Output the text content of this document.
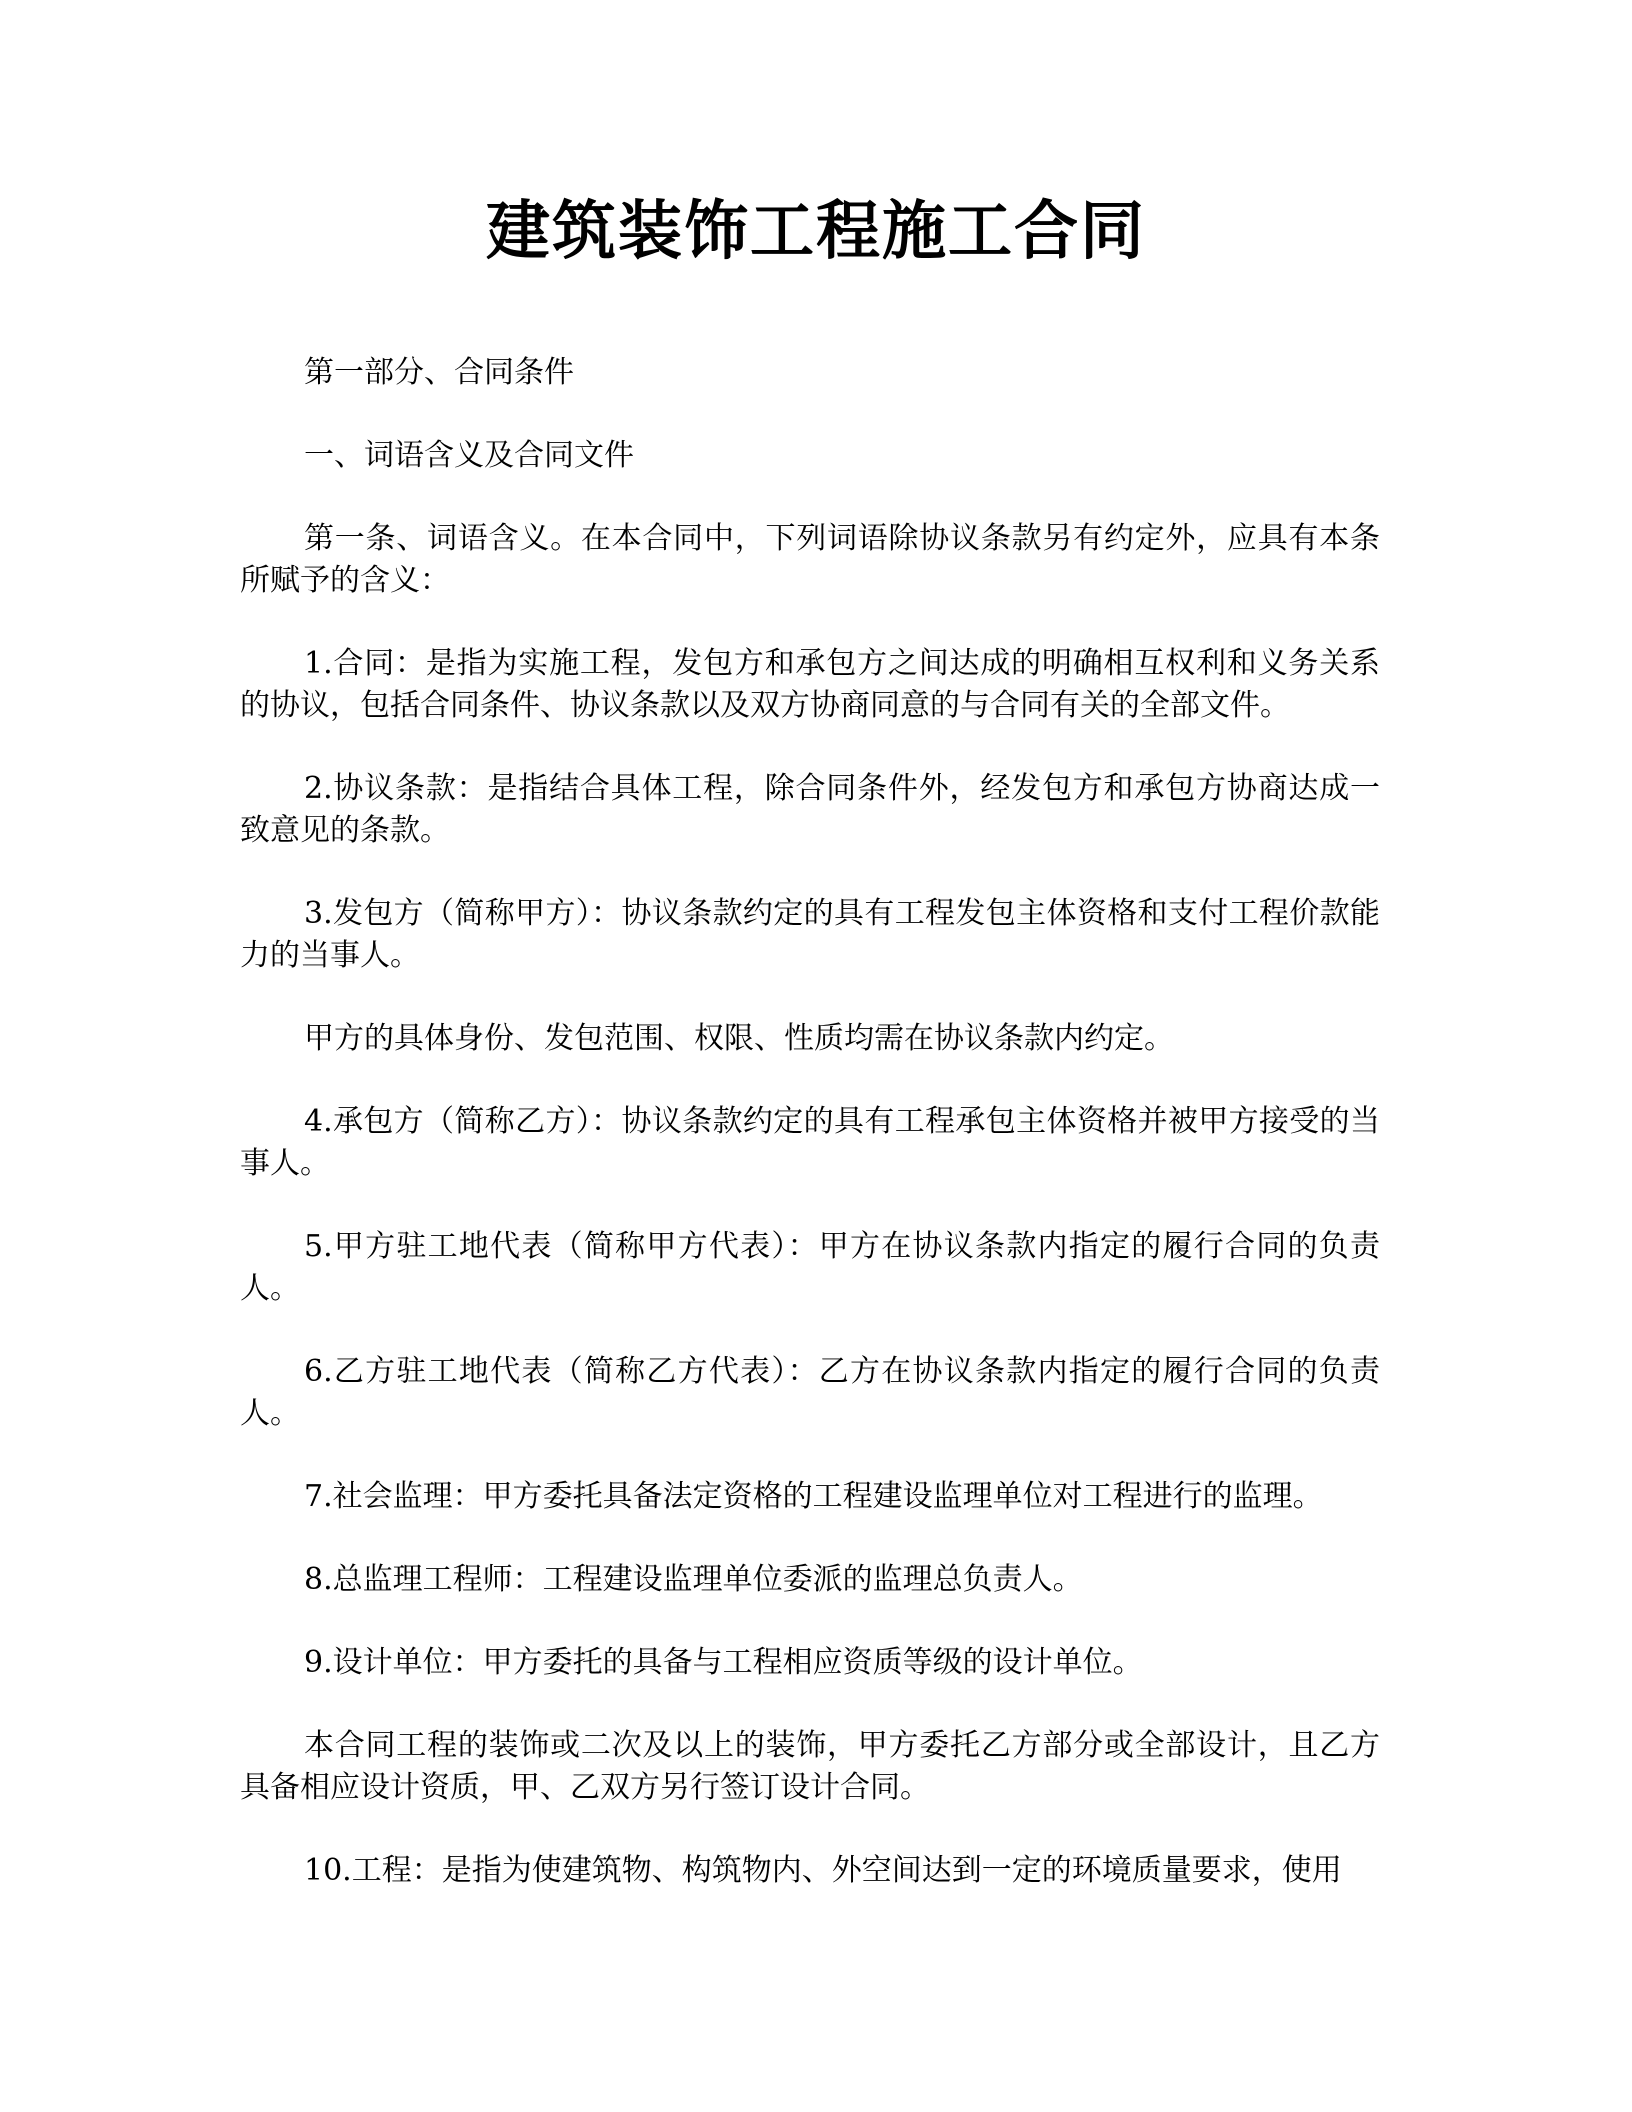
建筑装饰工程施工合同

第一部分、合同条件

一、词语含义及合同文件

第一条、词语含义。在本合同中，下列词语除协议条款另有约定外，应具有本条所赋予的含义：

1.合同：是指为实施工程，发包方和承包方之间达成的明确相互权利和义务关系的协议，包括合同条件、协议条款以及双方协商同意的与合同有关的全部文件。

2.协议条款：是指结合具体工程，除合同条件外，经发包方和承包方协商达成一致意见的条款。

3.发包方（简称甲方）：协议条款约定的具有工程发包主体资格和支付工程价款能力的当事人。

甲方的具体身份、发包范围、权限、性质均需在协议条款内约定。

4.承包方（简称乙方）：协议条款约定的具有工程承包主体资格并被甲方接受的当事人。

5.甲方驻工地代表（简称甲方代表）：甲方在协议条款内指定的履行合同的负责人。

6.乙方驻工地代表（简称乙方代表）：乙方在协议条款内指定的履行合同的负责人。

7.社会监理：甲方委托具备法定资格的工程建设监理单位对工程进行的监理。

8.总监理工程师：工程建设监理单位委派的监理总负责人。

9.设计单位：甲方委托的具备与工程相应资质等级的设计单位。

本合同工程的装饰或二次及以上的装饰，甲方委托乙方部分或全部设计，且乙方具备相应设计资质，甲、乙双方另行签订设计合同。

10.工程：是指为使建筑物、构筑物内、外空间达到一定的环境质量要求，使用
